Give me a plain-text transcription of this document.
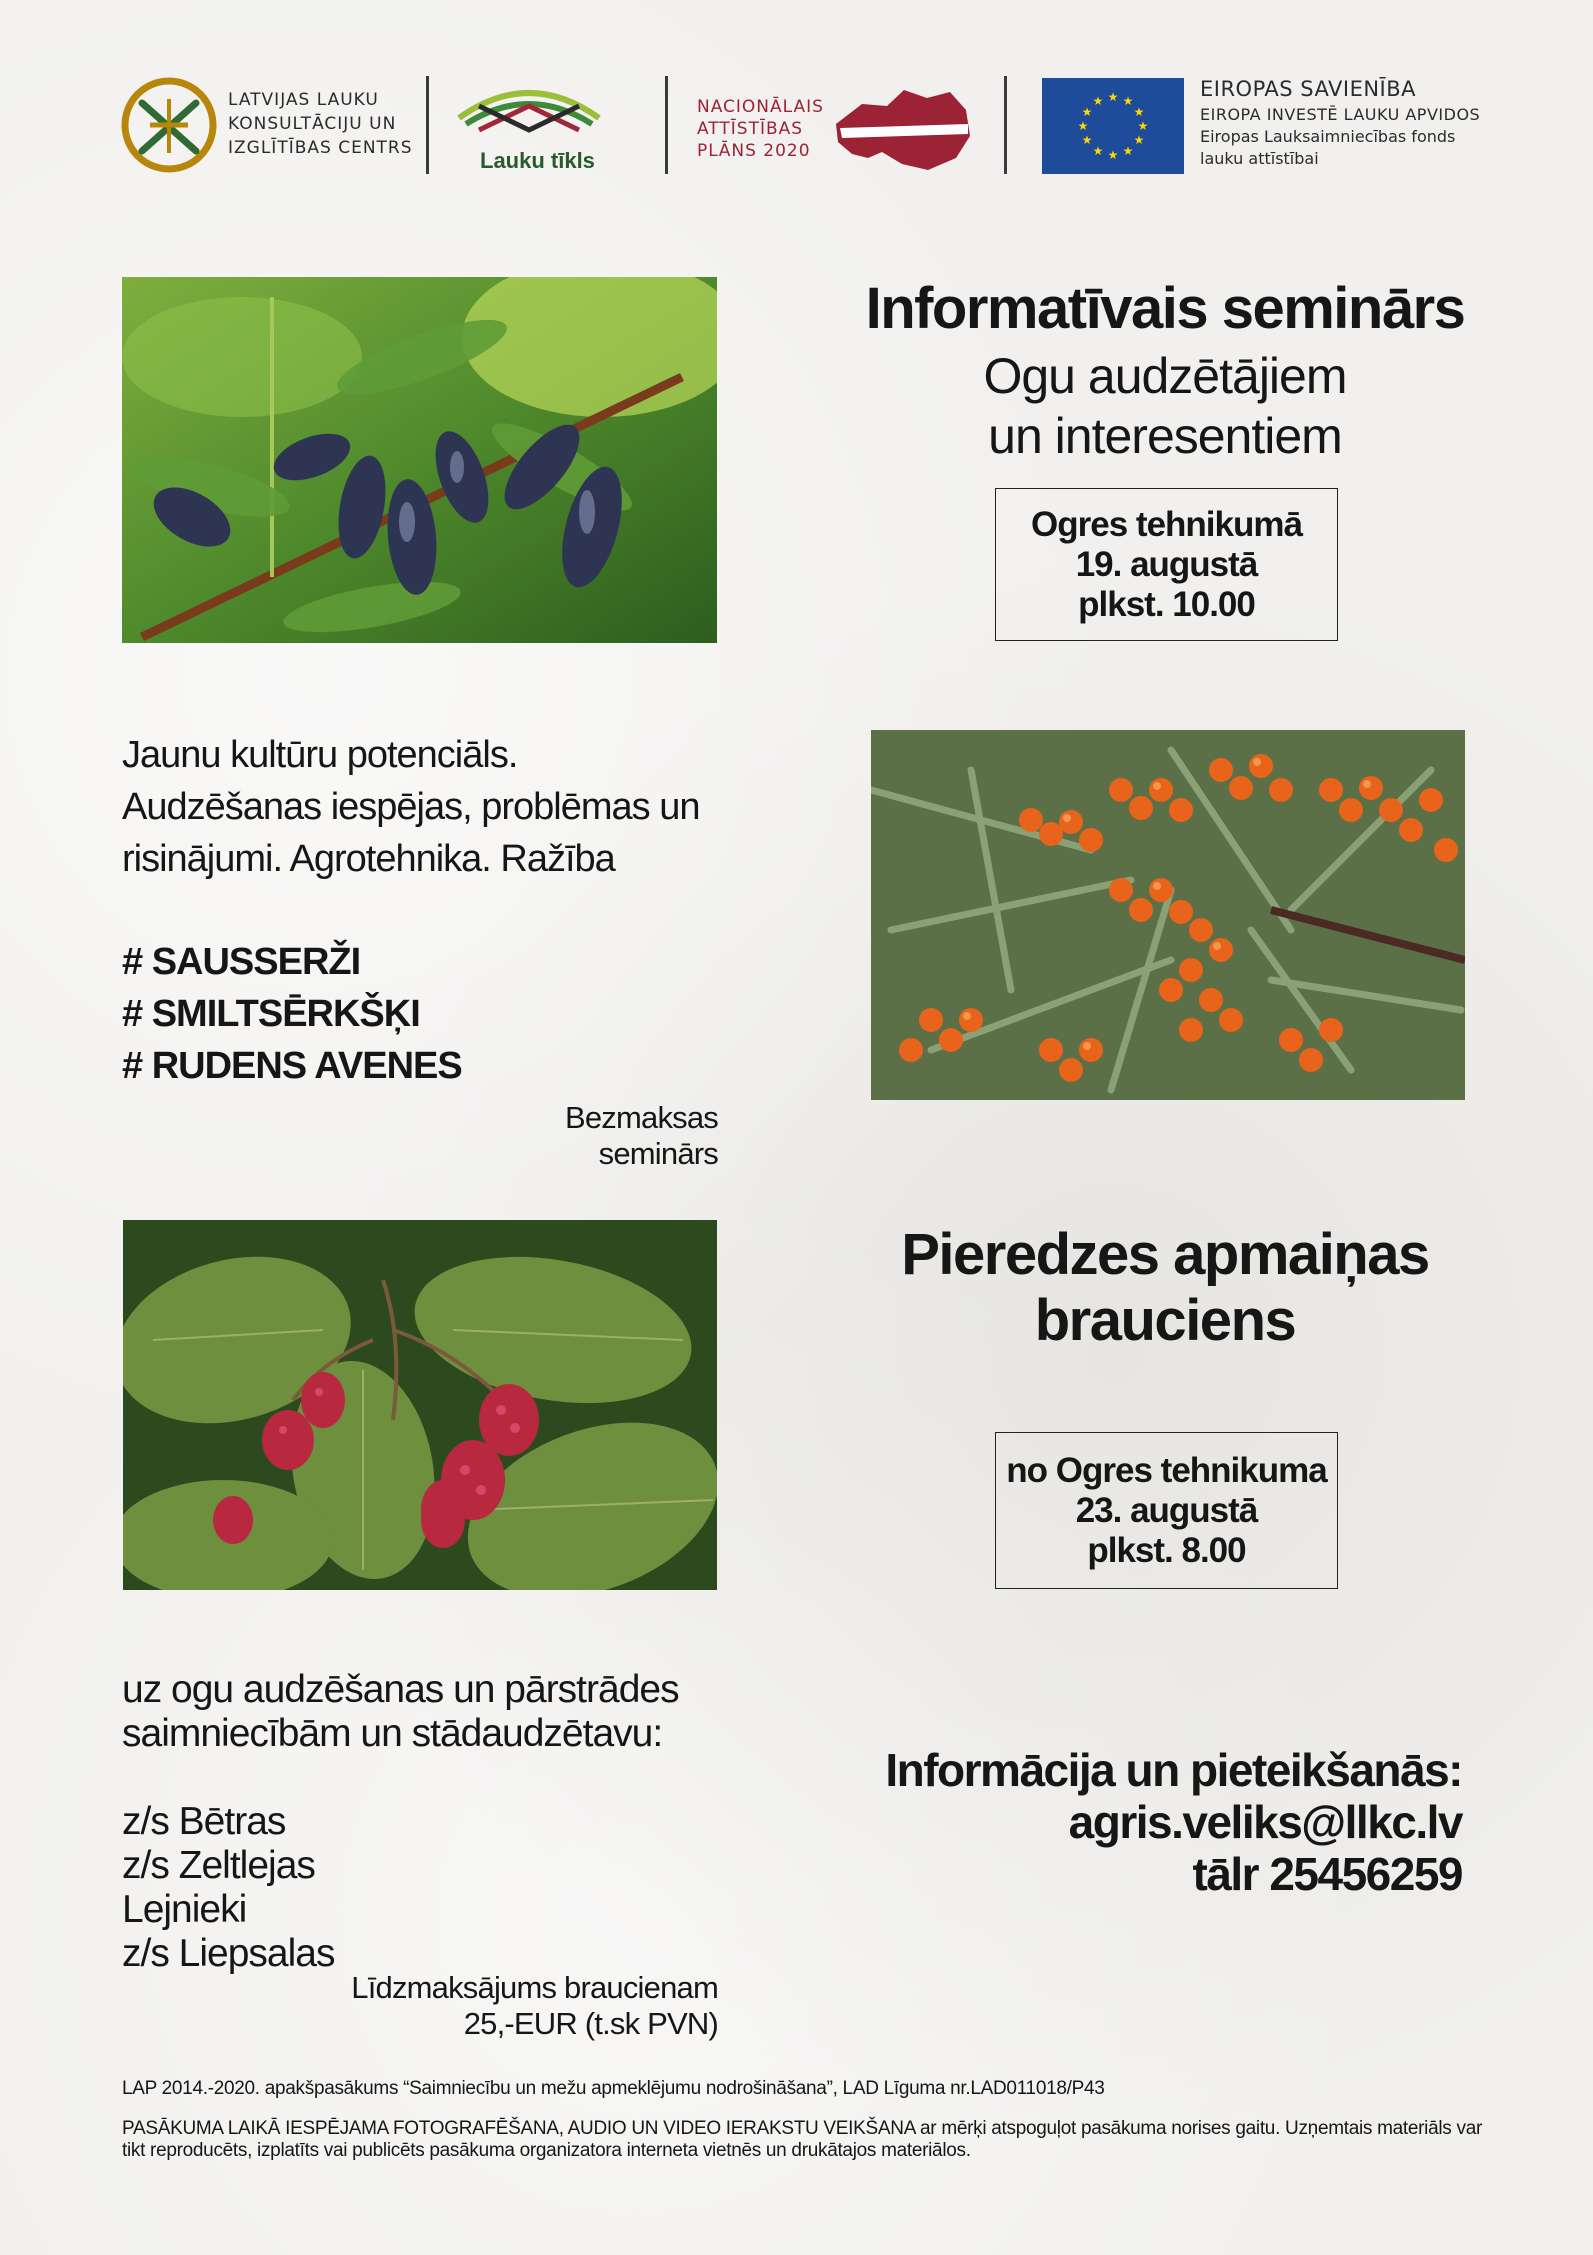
LATVIJAS LAUKU
KONSULTĀCIJU UN
IZGLĪTĪBAS CENTRS	Lauku tīkls
NACIONĀLAIS
ATTĪSTĪBAS
PLĀNS 2020
★ ★
★
★
★
★
★
★
★
★
★
★	EIROPAS SAVIENĪBA
EIROPA INVESTĒ LAUKU APVIDOS
Eiropas Lauksaimniecības fonds
lauku attīstībai
Informatīvais seminārs
Ogu audzētājiem
un interesentiem
Ogres tehnikumā
19. augustā
plkst. 10.00
Jaunu kultūru potenciāls.
Audzēšanas iespējas, problēmas un
risinājumi. Agrotehnika. Ražība
# SAUSSERŽI
# SMILTSĒRKŠĶI
# RUDENS AVENES
Bezmaksas
seminārs
Pieredzes apmaiņas
brauciens
no Ogres tehnikuma
23. augustā
plkst. 8.00
uz ogu audzēšanas un pārstrādes
saimniecībām un stādaudzētavu:
z/s Bētras
z/s Zeltlejas
Lejnieki
z/s Liepsalas
Līdzmaksājums braucienam
25,-EUR (t.sk PVN)
Informācija un pieteikšanās:
agris.veliks@llkc.lv
tālr 25456259
LAP 2014.-2020. apakšpasākums “Saimniecību un mežu apmeklējumu nodrošināšana”, LAD Līguma nr.LAD011018/P43
PASĀKUMA LAIKĀ IESPĒJAMA FOTOGRAFĒŠANA, AUDIO UN VIDEO IERAKSTU VEIKŠANA ar mērķi atspoguļot pasākuma norises gaitu. Uzņemtais materiāls var tikt reproducēts, izplatīts vai publicēts pasākuma organizatora interneta vietnēs un drukātajos materiālos.
